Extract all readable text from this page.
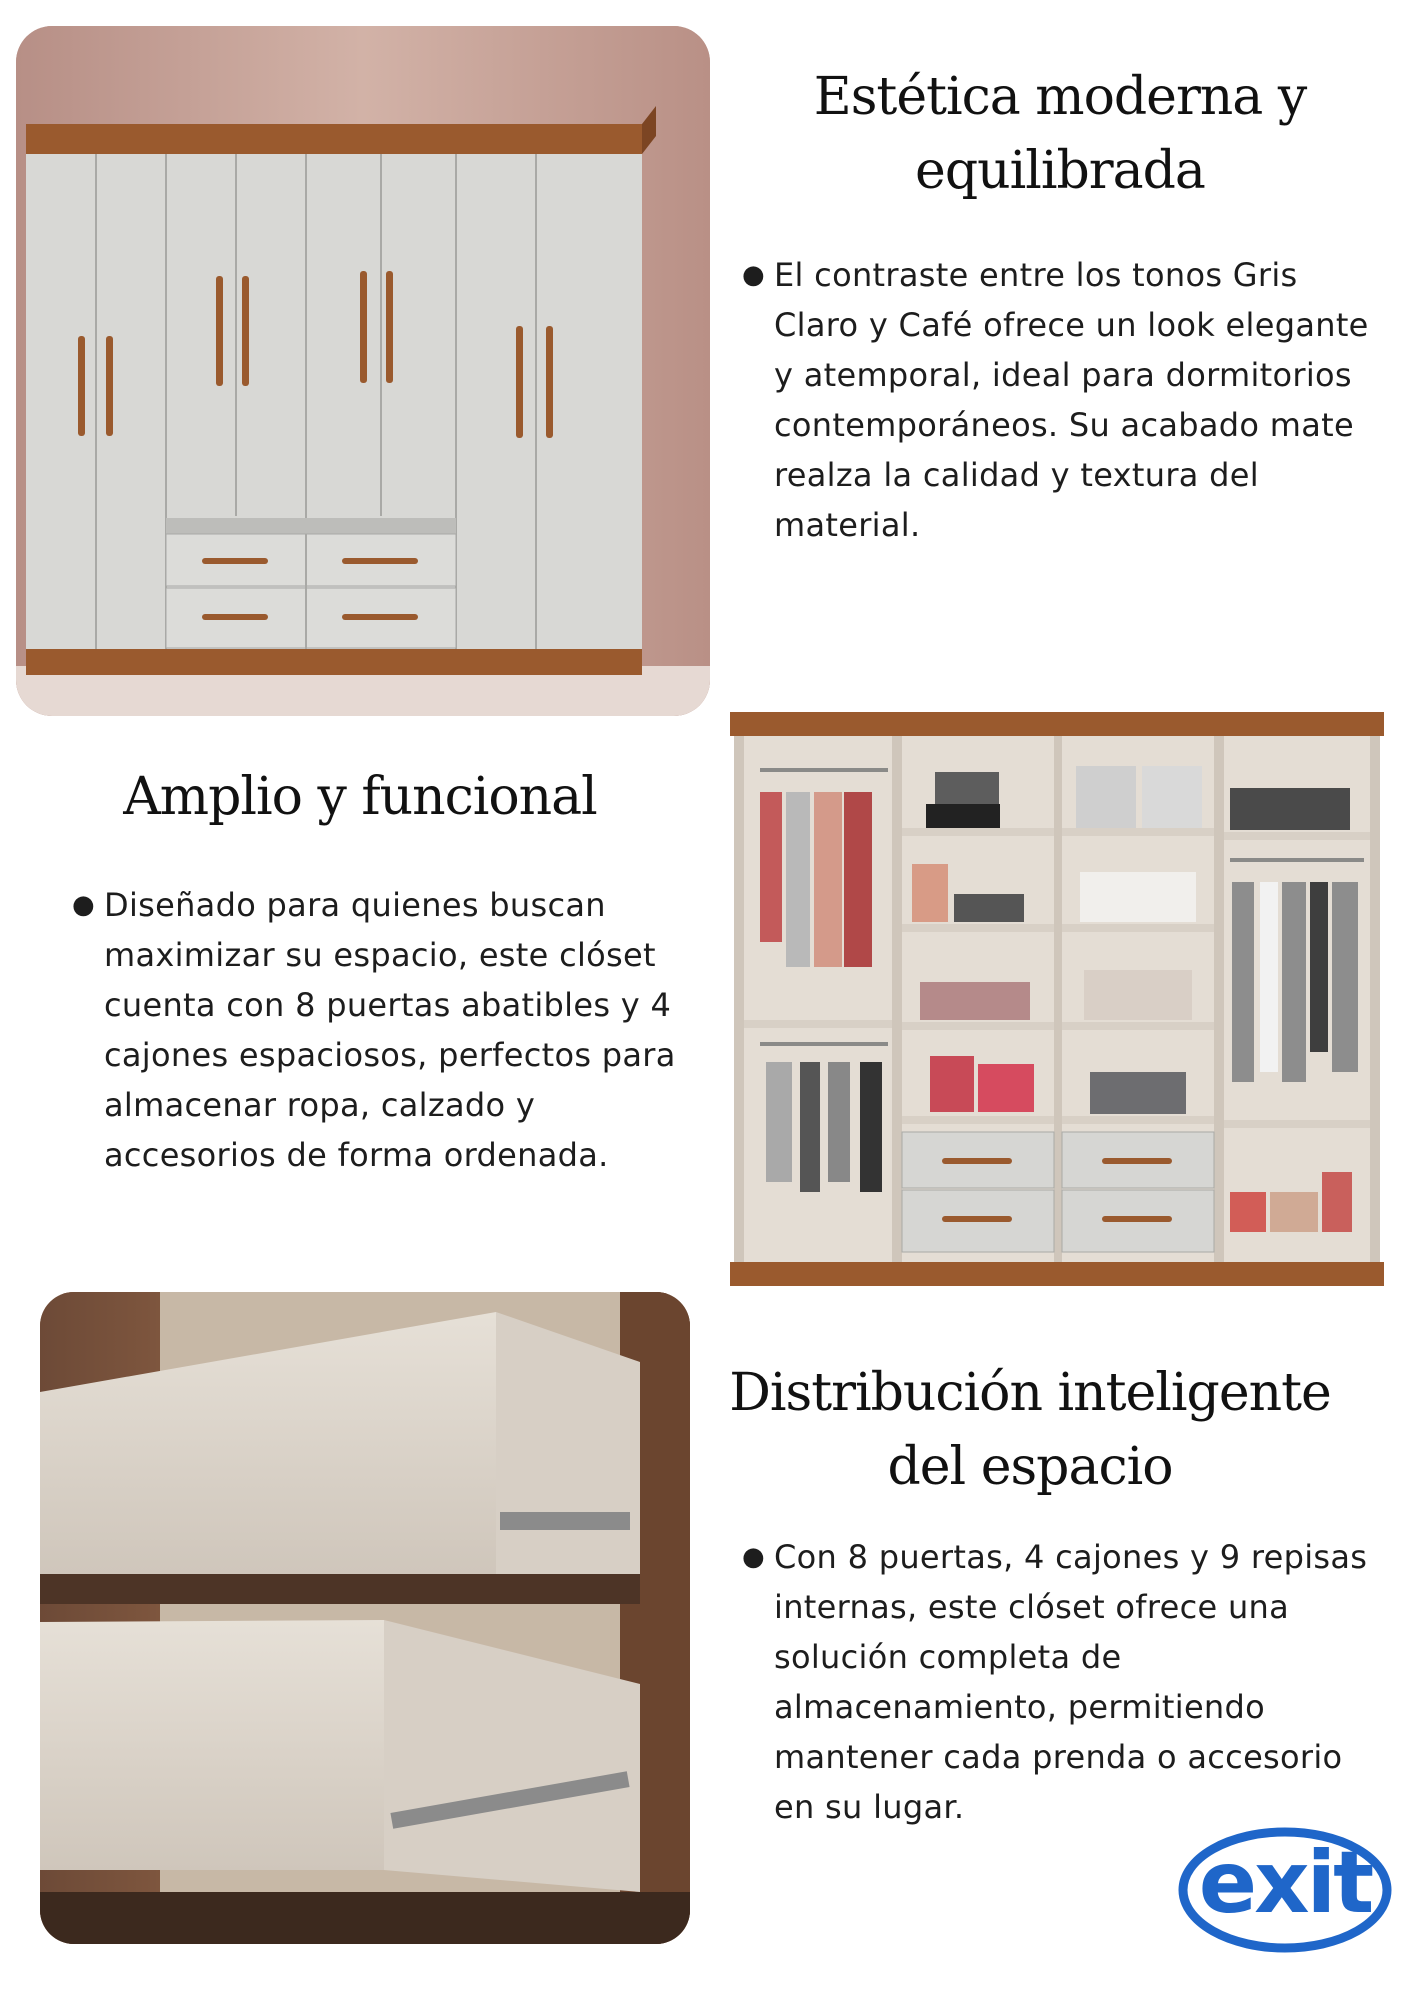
Estética moderna y
equilibrada

● El contraste entre los tonos Gris Claro y Café ofrece un look elegante y atemporal, ideal para dormitorios contemporáneos. Su acabado mate realza la calidad y textura del material.

Amplio y funcional

● Diseñado para quienes buscan maximizar su espacio, este clóset cuenta con 8 puertas abatibles y 4 cajones espaciosos, perfectos para almacenar ropa, calzado y accesorios de forma ordenada.

Distribución inteligente
del espacio

● Con 8 puertas, 4 cajones y 9 repisas internas, este clóset ofrece una solución completa de almacenamiento, permitiendo mantener cada prenda o accesorio en su lugar.

exit
